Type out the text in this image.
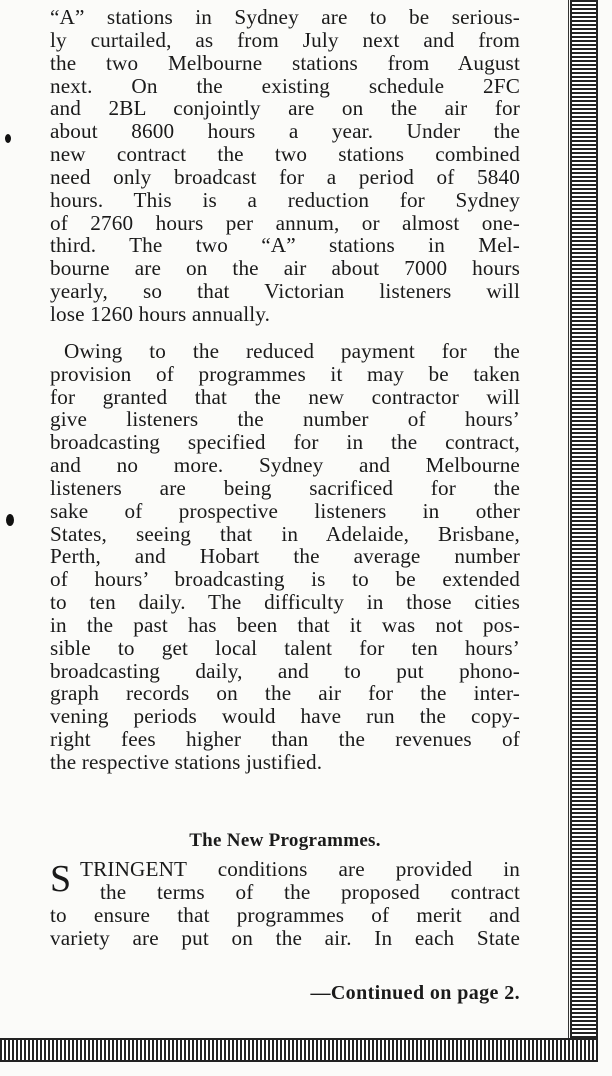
“A” stations in Sydney are to be serious-
ly curtailed, as from July next and from
the two Melbourne stations from August
next. On the existing schedule 2FC
and 2BL conjointly are on the air for
about 8600 hours a year. Under the
new contract the two stations combined
need only broadcast for a period of 5840
hours. This is a reduction for Sydney
of 2760 hours per annum, or almost one-
third. The two “A” stations in Mel-
bourne are on the air about 7000 hours
yearly, so that Victorian listeners will
lose 1260 hours annually.

Owing to the reduced payment for the
provision of programmes it may be taken
for granted that the new contractor will
give listeners the number of hours’
broadcasting specified for in the contract,
and no more. Sydney and Melbourne
listeners are being sacrificed for the
sake of prospective listeners in other
States, seeing that in Adelaide, Brisbane,
Perth, and Hobart the average number
of hours’ broadcasting is to be extended
to ten daily. The difficulty in those cities
in the past has been that it was not pos-
sible to get local talent for ten hours’
broadcasting daily, and to put phono-
graph records on the air for the inter-
vening periods would have run the copy-
right fees higher than the revenues of
the respective stations justified.

The New Programmes.
S TRINGENT conditions are provided in
the terms of the proposed contract
to ensure that programmes of merit and
variety are put on the air. In each State

—Continued on page 2.
